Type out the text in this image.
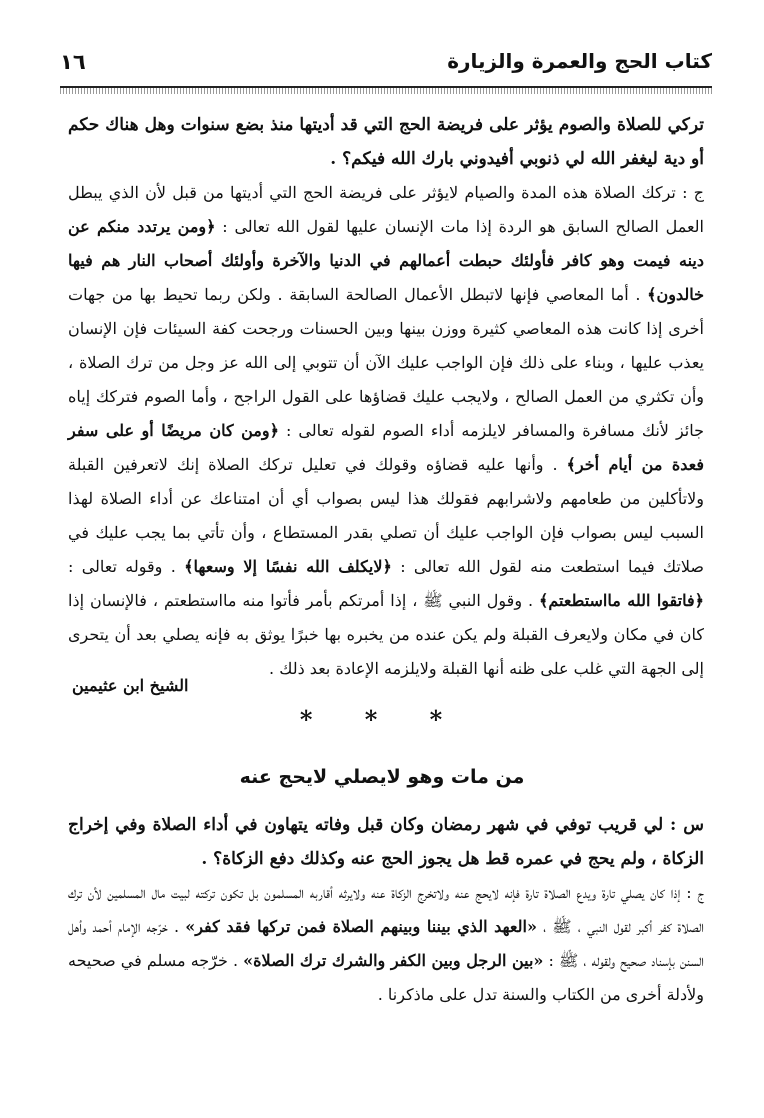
١٦	كتاب الحج والعمرة والزيارة

تركي للصلاة والصوم يؤثر على فريضة الحج التي قد أديتها منذ بضع سنوات وهل هناك حكم أو دية ليغفر الله لي ذنوبي أفيدوني بارك الله فيكم؟ .

ج : تركك الصلاة هذه المدة والصيام لايؤثر على فريضة الحج التي أديتها من قبل لأن الذي يبطل العمل الصالح السابق هو الردة إذا مات الإنسان عليها لقول الله تعالى : ﴿ومن يرتدد منكم عن دينه فيمت وهو كافر فأولئك حبطت أعمالهم في الدنيا والآخرة وأولئك أصحاب النار هم فيها خالدون﴾ . أما المعاصي فإنها لاتبطل الأعمال الصالحة السابقة . ولكن ربما تحيط بها من جهات أخرى إذا كانت هذه المعاصي كثيرة ووزن بينها وبين الحسنات ورجحت كفة السيئات فإن الإنسان يعذب عليها ، وبناء على ذلك فإن الواجب عليك الآن أن تتوبي إلى الله عز وجل من ترك الصلاة ، وأن تكثري من العمل الصالح ، ولايجب عليك قضاؤها على القول الراجح ، وأما الصوم فتركك إياه جائز لأنك مسافرة والمسافر لايلزمه أداء الصوم لقوله تعالى : ﴿ومن كان مريضًا أو على سفر فعدة من أيام أخر﴾ . وأنها عليه قضاؤه وقولك في تعليل تركك الصلاة إنك لاتعرفين القبلة ولاتأكلين من طعامهم ولاشرابهم فقولك هذا ليس بصواب أي أن امتناعك عن أداء الصلاة لهذا السبب ليس بصواب فإن الواجب عليك أن تصلي بقدر المستطاع ، وأن تأتي بما يجب عليك في صلاتك فيما استطعت منه لقول الله تعالى : ﴿لايكلف الله نفسًا إلا وسعها﴾ . وقوله تعالى : ﴿فاتقوا الله مااستطعتم﴾ . وقول النبي ﷺ ، إذا أمرتكم بأمر فأتوا منه مااستطعتم ، فالإنسان إذا كان في مكان ولايعرف القبلة ولم يكن عنده من يخبره بها خبرًا يوثق به فإنه يصلي بعد أن يتحرى إلى الجهة التي غلب على ظنه أنها القبلة ولايلزمه الإعادة بعد ذلك .

الشيخ ابن عثيمين
* * *
من مات وهو لايصلي لايحج عنه

س : لي قريب توفي في شهر رمضان وكان قبل وفاته يتهاون في أداء الصلاة وفي إخراج الزكاة ، ولم يحج في عمره قط هل يجوز الحج عنه وكذلك دفع الزكاة؟ .

ج : إذا كان يصلي تارة ويدع الصلاة تارة فإنه لايحج عنه ولاتخرج الزكاة عنه ولايرثه أقاربه المسلمون بل تكون تركته لبيت مال المسلمين لأن ترك الصلاة كفر أكبر لقول النبي ، ﷺ ، «العهد الذي بيننا وبينهم الصلاة فمن تركها فقد كفر» . خرّجه الإمام أحمد وأهل السنن بإسناد صحيح ولقوله ، ﷺ : «بين الرجل وبين الكفر والشرك ترك الصلاة» . خرّجه مسلم في صحيحه ولأدلة أخرى من الكتاب والسنة تدل على ماذكرنا .
